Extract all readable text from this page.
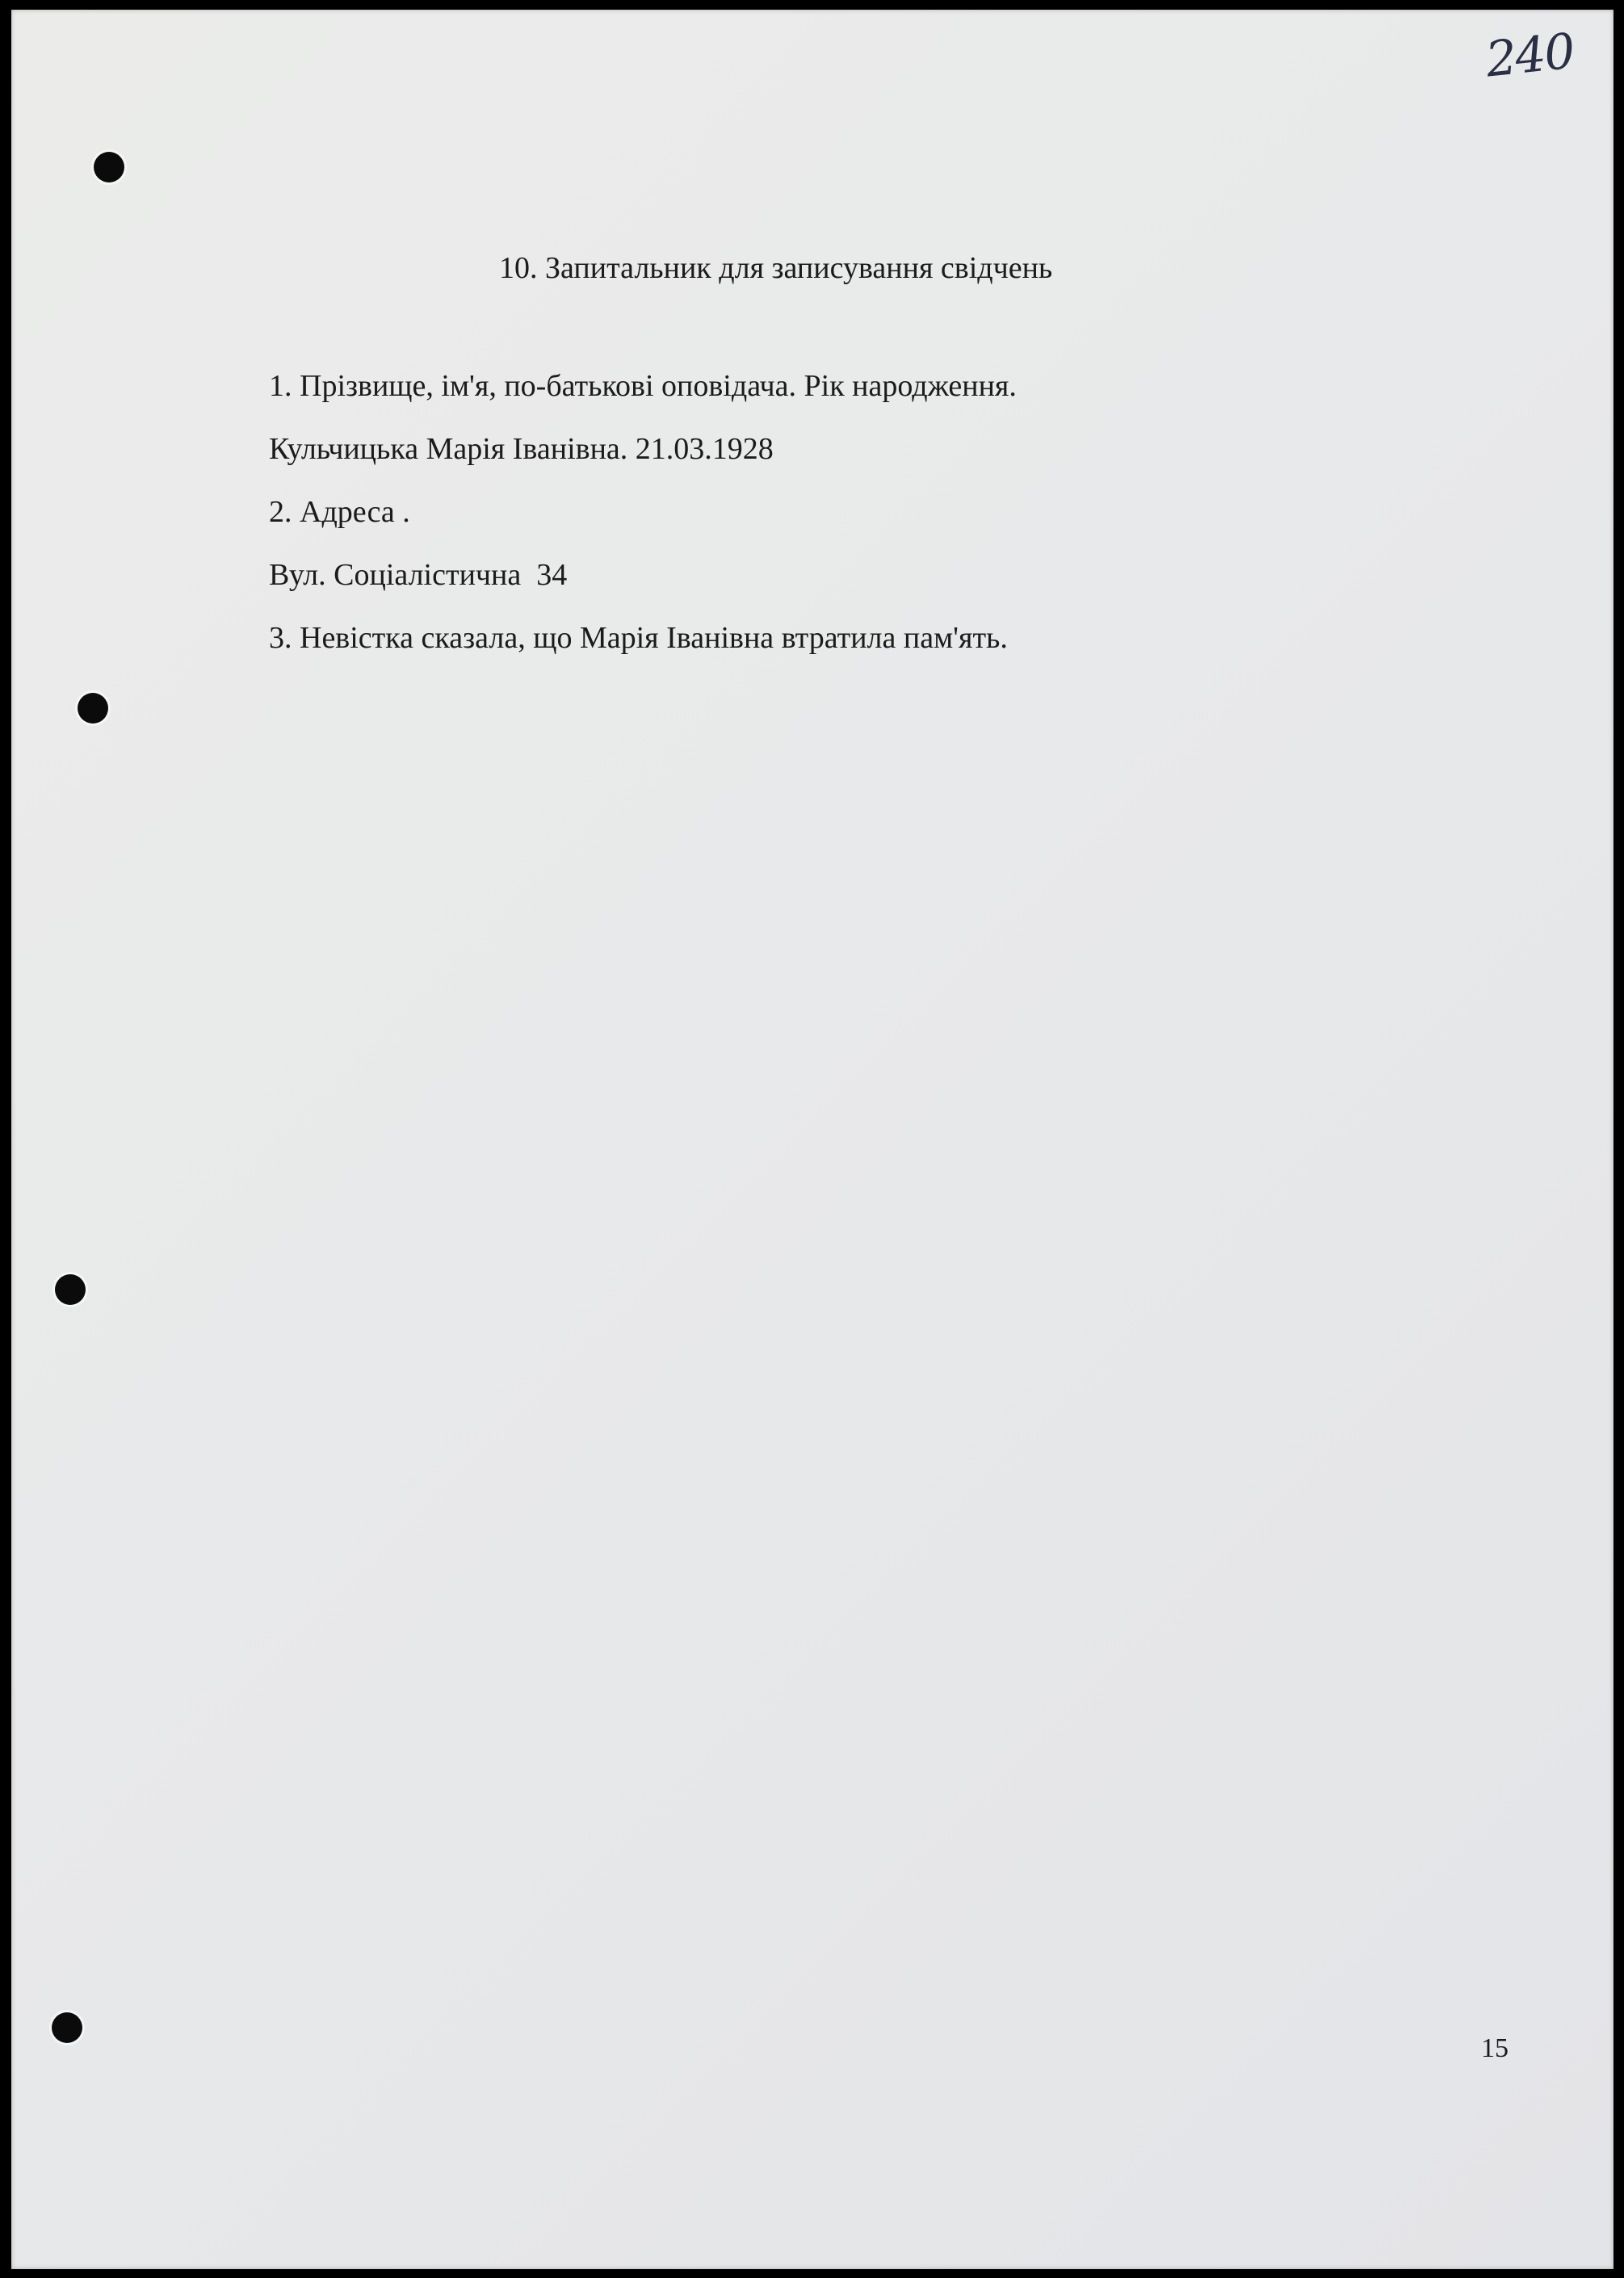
240

10. Запитальник для записування свідчень

1. Прізвище, ім'я, по-батькові оповідача. Рік народження.

Кульчицька Марія Іванівна. 21.03.1928

2. Адреса .

Вул. Соціалістична  34

3. Невістка сказала, що Марія Іванівна втратила пам'ять.

15
